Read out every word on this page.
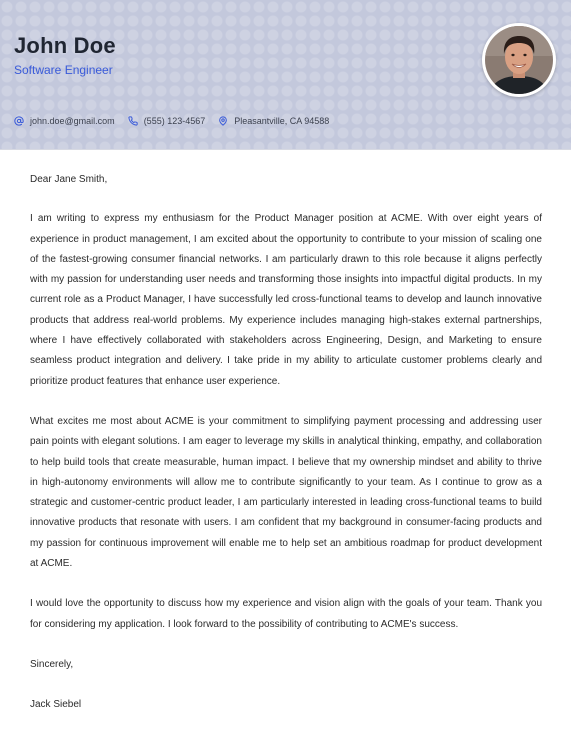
John Doe
Software Engineer
john.doe@gmail.com	(555) 123-4567	Pleasantville, CA 94588

Dear Jane Smith,

I am writing to express my enthusiasm for the Product Manager position at ACME. With over eight years of experience in product management, I am excited about the opportunity to contribute to your mission of scaling one of the fastest-growing consumer financial networks. I am particularly drawn to this role because it aligns perfectly with my passion for understanding user needs and transforming those insights into impactful digital products. In my current role as a Product Manager, I have successfully led cross-functional teams to develop and launch innovative products that address real-world problems. My experience includes managing high-stakes external partnerships, where I have effectively collaborated with stakeholders across Engineering, Design, and Marketing to ensure seamless product integration and delivery. I take pride in my ability to articulate customer problems clearly and prioritize product features that enhance user experience.

What excites me most about ACME is your commitment to simplifying payment processing and addressing user pain points with elegant solutions. I am eager to leverage my skills in analytical thinking, empathy, and collaboration to help build tools that create measurable, human impact. I believe that my ownership mindset and ability to thrive in high-autonomy environments will allow me to contribute significantly to your team. As I continue to grow as a strategic and customer-centric product leader, I am particularly interested in leading cross-functional teams to build innovative products that resonate with users. I am confident that my background in consumer-facing products and my passion for continuous improvement will enable me to help set an ambitious roadmap for product development at ACME.

I would love the opportunity to discuss how my experience and vision align with the goals of your team. Thank you for considering my application. I look forward to the possibility of contributing to ACME's success.

Sincerely,

Jack Siebel
